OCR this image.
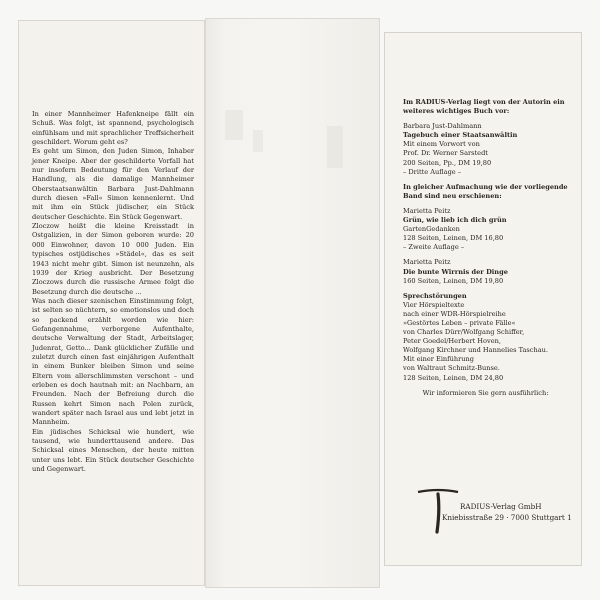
In einer Mannheimer Hafenkneipe fällt ein Schuß. Was folgt, ist spannend, psychologisch einfühlsam und mit sprachlicher Treffsicherheit geschildert. Worum geht es?

Es geht um Simon, den Juden Simon, Inhaber jener Kneipe. Aber der geschilderte Vorfall hat nur insofern Bedeutung für den Verlauf der Handlung, als die damalige Mannheimer Oberstaatsanwältin Barbara Just-Dahlmann durch diesen »Fall« Simon kennenlernt. Und mit ihm ein Stück jüdischer, ein Stück deutscher Geschichte. Ein Stück Gegenwart.

Zloczow heißt die kleine Kreisstadt in Ostgalizien, in der Simon geboren wurde: 20 000 Einwohner, davon 10 000 Juden. Ein typisches ostjüdisches »Städel«, das es seit 1943 nicht mehr gibt. Simon ist neunzehn, als 1939 der Krieg ausbricht. Der Besetzung Zloczows durch die russische Armee folgt die Besetzung durch die deutsche ...

Was nach dieser szenischen Einstimmung folgt, ist selten so nüchtern, so emotionslos und doch so packend erzählt worden wie hier: Gefangennahme, verborgene Aufenthalte, deutsche Verwaltung der Stadt, Arbeitslager, Judenrat, Getto... Dank glücklicher Zufälle und zuletzt durch einen fast einjährigen Aufenthalt in einem Bunker bleiben Simon und seine Eltern vom allerschlimmsten verschont – und erleben es doch hautnah mit: an Nachbarn, an Freunden. Nach der Befreiung durch die Russen kehrt Simon nach Polen zurück, wandert später nach Israel aus und lebt jetzt in Mannheim.

Ein jüdisches Schicksal wie hundert, wie tausend, wie hunderttausend andere. Das Schicksal eines Menschen, der heute mitten unter uns lebt. Ein Stück deutscher Geschichte und Gegenwart.

Im RADIUS-Verlag liegt von der Autorin ein
weiteres wichtiges Buch vor:
Barbara Just-Dahlmann
Tagebuch einer Staatsanwältin
Mit einem Vorwort von
Prof. Dr. Werner Sarstedt
200 Seiten, Pp., DM 19,80
– Dritte Auflage –
In gleicher Aufmachung wie der vorliegende
Band sind neu erschienen:
Marietta Peitz
Grün, wie lieb ich dich grün
GartenGedanken
128 Seiten, Leinen, DM 16,80
– Zweite Auflage –
Marietta Peitz
Die bunte Wirrnis der Dinge
160 Seiten, Leinen, DM 19,80
Sprechstörungen
Vier Hörspieltexte
nach einer WDR-Hörspielreihe
»Gestörtes Leben – private Fälle«
von Charles Dürr/Wolfgang Schiffer,
Peter Goedel/Herbert Hoven,
Wolfgang Kirchner und Hannelies Taschau.
Mit einer Einführung
von Waltraut Schmitz-Bunse.
128 Seiten, Leinen, DM 24,80
Wir informieren Sie gern ausführlich:
RADIUS-Verlag GmbH
Kniebisstraße 29 · 7000 Stuttgart 1
